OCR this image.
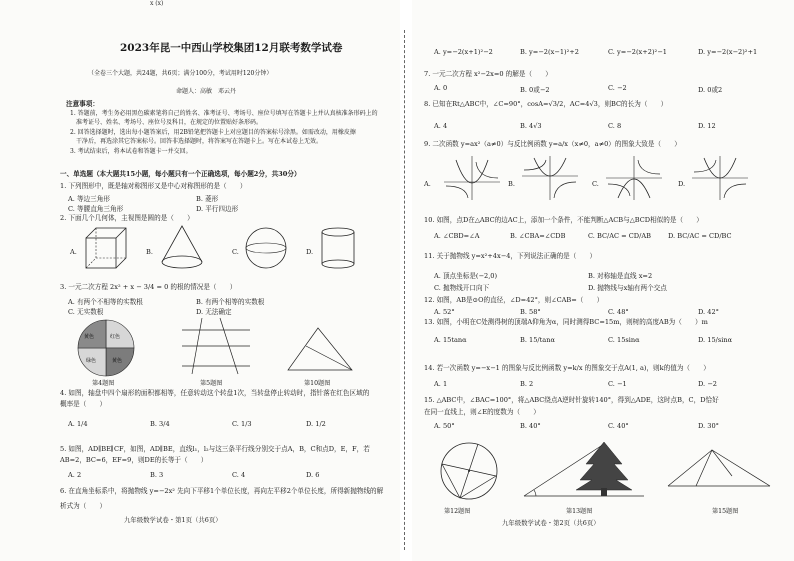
x (x)
2023年昆一中西山学校集团12月联考数学试卷
（全卷三个大题，共24题，共6页；满分100分，考试用时120分钟）
命题人：高敏　邓云丹
注意事项：
1. 答题前，考生务必用黑色碳素笔将自己的姓名、准考证号、考场号、座位号填写在答题卡上并认真核准条形码上的
准考证号、姓名、考场号、座位号及科目，在规定的位置贴好条形码。
2. 回答选择题时，选出每小题答案后，用2B铅笔把答题卡上对应题目的答案标号涂黑。如需改动，用橡皮擦
干净后，再选涂其它答案标号。回答非选择题时，将答案写在答题卡上。写在本试卷上无效。
3. 考试结束后，将本试卷和答题卡一并交回。
一、单选题（本大题共15小题，每小题只有一个正确选项，每小题2分，共30分）
1. 下列图形中，既是轴对称图形又是中心对称图形的是（　　）
A. 等边三角形	B. 菱形
C. 等腰直角三角形	D. 平行四边形
2. 下面几个几何体，主视图是圆的是（　　）
A.	B.	C.	D.
3. 一元二次方程 2x² + x − 3/4 = 0 的根的情况是（　　）
A. 有两个不相等的实数根	B. 有两个相等的实数根
C. 无实数根	D. 无法确定
红色
黄色
绿色
黄色
第4题图	第5题图	第10题图
4. 如图，轴盘中四个扇形的面积都相等，任意转动这个转盘1次，当转盘停止转动时，指针落在红色区域的
概率是（　　）
A. 1/4	B. 3/4	C. 1/3	D. 1/2
5. 如图，AD∥BE∥CF，如图，AD∥BE，直线l₁，l₂与这三条平行线分别交于点A，B，C和点D，E，F，若
AB=2，BC=6，EF=9，则DE的长等于（　　）
A. 2	B. 3	C. 4	D. 6
6. 在直角坐标系中，将抛物线 y=−2x² 先向下平移1个单位长度，再向左平移2个单位长度，所得新抛物线的解
析式为（　　）
九年级数学试卷・第1页（共6页）
A. y=−2(x+1)²−2	B. y=−2(x−1)²+2	C. y=−2(x+2)²−1	D. y=−2(x−2)²+1
7. 一元二次方程 x²−2x=0 的解是（　　）
A. 0	B. 0或−2	C. −2	D. 0或2
8. 已知在Rt△ABC中，∠C=90°，cosA=√3/2，AC=4√3，则BC的长为（　　）
A. 4	B. 4√3	C. 8	D. 12
9. 二次函数 y=ax²（a≠0）与反比例函数 y=a/x（x≠0，a≠0）的图象大致是（　　）
A.	B.	C.	D.
10. 如图，点D在△ABC的边AC上，添加一个条件，不能判断△ACB与△BCD相似的是（　　）
A. ∠CBD=∠A	B. ∠CBA=∠CDB	C. BC/AC = CD/AB	D. BC/AC = CD/BC
11. 关于抛物线 y=x²+4x−4，下列说法正确的是（　　）
A. 顶点坐标是(−2,0)	B. 对称轴是直线 x=2
C. 抛物线开口向下	D. 抛物线与x轴有两个交点
12. 如图，AB是⊙O的直径，∠D=42°，则∠CAB=（　　）
A. 52°	B. 58°	C. 48°	D. 42°
13. 如图，小明在C处测得树的顶端A仰角为α，同时测得BC=15m，则树的高度AB为（　　）m
A. 15tanα	B. 15/tanα	C. 15sinα	D. 15/sinα
14. 若一次函数 y=−x−1 的图象与反比例函数 y=k/x 的图象交于点A(1, a)，则k的值为（　　）
A. 1	B. 2	C. −1	D. −2
15. △ABC中，∠BAC=100°，将△ABC绕点A逆时针旋转140°，得到△ADE，这时点B，C，D恰好
在同一直线上，则∠E的度数为（　　）
A. 50°	B. 40°	C. 40°	D. 30°
第12题图	第13题图	第15题图
九年级数学试卷・第2页（共6页）
